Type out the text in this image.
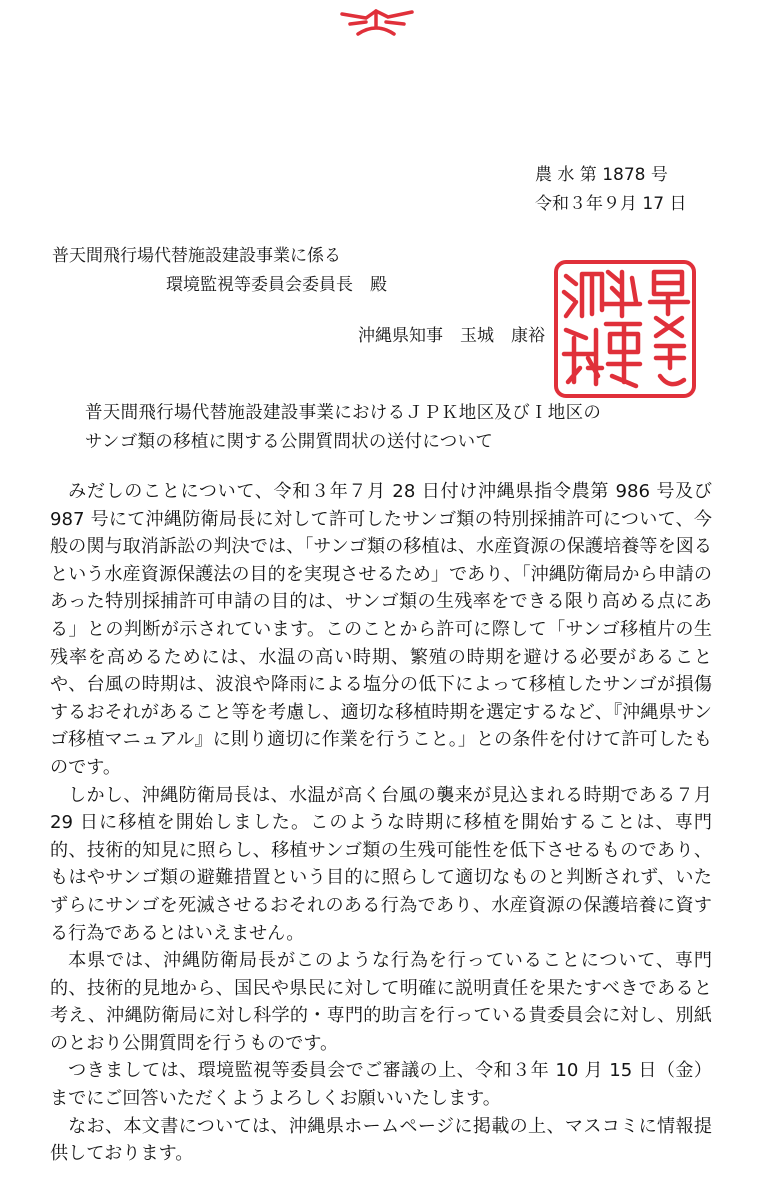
農 水 第 1878 号
令和３年９月 17 日
普天間飛行場代替施設建設事業に係る
環境監視等委員会委員長　殿
沖縄県知事　玉城　康裕
普天間飛行場代替施設建設事業におけるＪＰＫ地区及びＩ地区の
サンゴ類の移植に関する公開質問状の送付について

みだしのことについて、令和３年７月 28 日付け沖縄県指令農第 986 号及び 987 号にて沖縄防衛局長に対して許可したサンゴ類の特別採捕許可について、今般の関与取消訴訟の判決では、「サンゴ類の移植は、水産資源の保護培養等を図るという水産資源保護法の目的を実現させるため」であり、「沖縄防衛局から申請のあった特別採捕許可申請の目的は、サンゴ類の生残率をできる限り高める点にある」との判断が示されています。このことから許可に際して「サンゴ移植片の生残率を高めるためには、水温の高い時期、繁殖の時期を避ける必要があることや、台風の時期は、波浪や降雨による塩分の低下によって移植したサンゴが損傷するおそれがあること等を考慮し、適切な移植時期を選定するなど、『沖縄県サンゴ移植マニュアル』に則り適切に作業を行うこと。」との条件を付けて許可したものです。

しかし、沖縄防衛局長は、水温が高く台風の襲来が見込まれる時期である７月 29 日に移植を開始しました。このような時期に移植を開始することは、専門的、技術的知見に照らし、移植サンゴ類の生残可能性を低下させるものであり、もはやサンゴ類の避難措置という目的に照らして適切なものと判断されず、いたずらにサンゴを死滅させるおそれのある行為であり、水産資源の保護培養に資する行為であるとはいえません。

本県では、沖縄防衛局長がこのような行為を行っていることについて、専門的、技術的見地から、国民や県民に対して明確に説明責任を果たすべきであると考え、沖縄防衛局に対し科学的・専門的助言を行っている貴委員会に対し、別紙のとおり公開質問を行うものです。

つきましては、環境監視等委員会でご審議の上、令和３年 10 月 15 日（金）までにご回答いただくようよろしくお願いいたします。

なお、本文書については、沖縄県ホームページに掲載の上、マスコミに情報提供しております。
